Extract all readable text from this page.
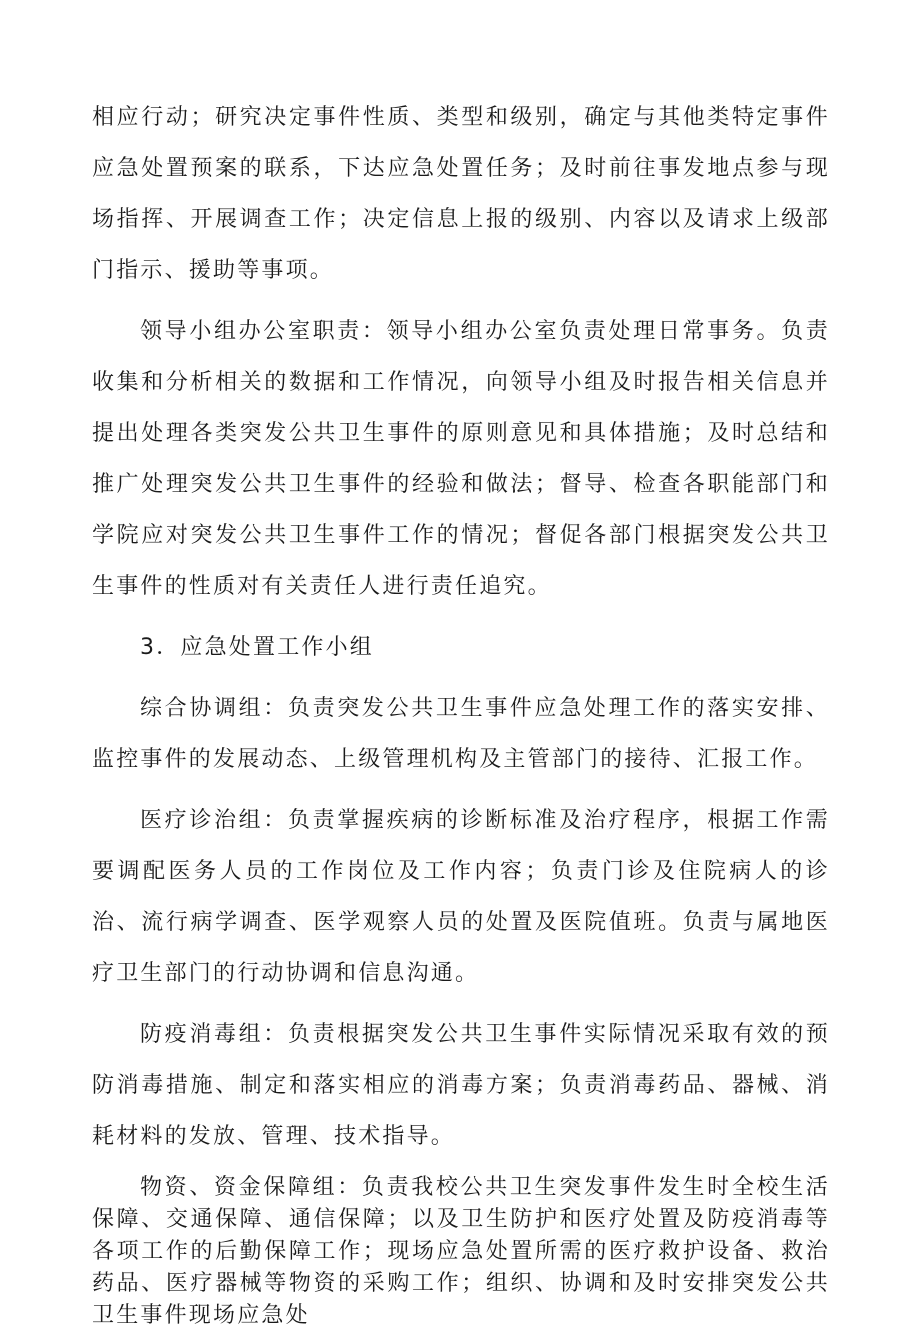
相应行动；研究决定事件性质、类型和级别，确定与其他类特定事件应急处置预案的联系，下达应急处置任务；及时前往事发地点参与现场指挥、开展调查工作；决定信息上报的级别、内容以及请求上级部门指示、援助等事项。

领导小组办公室职责：领导小组办公室负责处理日常事务。负责收集和分析相关的数据和工作情况，向领导小组及时报告相关信息并提出处理各类突发公共卫生事件的原则意见和具体措施；及时总结和推广处理突发公共卫生事件的经验和做法；督导、检查各职能部门和学院应对突发公共卫生事件工作的情况；督促各部门根据突发公共卫生事件的性质对有关责任人进行责任追究。

3．应急处置工作小组

综合协调组：负责突发公共卫生事件应急处理工作的落实安排、监控事件的发展动态、上级管理机构及主管部门的接待、汇报工作。

医疗诊治组：负责掌握疾病的诊断标准及治疗程序，根据工作需要调配医务人员的工作岗位及工作内容；负责门诊及住院病人的诊治、流行病学调查、医学观察人员的处置及医院值班。负责与属地医疗卫生部门的行动协调和信息沟通。

防疫消毒组：负责根据突发公共卫生事件实际情况采取有效的预防消毒措施、制定和落实相应的消毒方案；负责消毒药品、器械、消耗材料的发放、管理、技术指导。

物资、资金保障组：负责我校公共卫生突发事件发生时全校生活保障、交通保障、通信保障；以及卫生防护和医疗处置及防疫消毒等各项工作的后勤保障工作；现场应急处置所需的医疗救护设备、救治药品、医疗器械等物资的采购工作；组织、协调和及时安排突发公共卫生事件现场应急处
